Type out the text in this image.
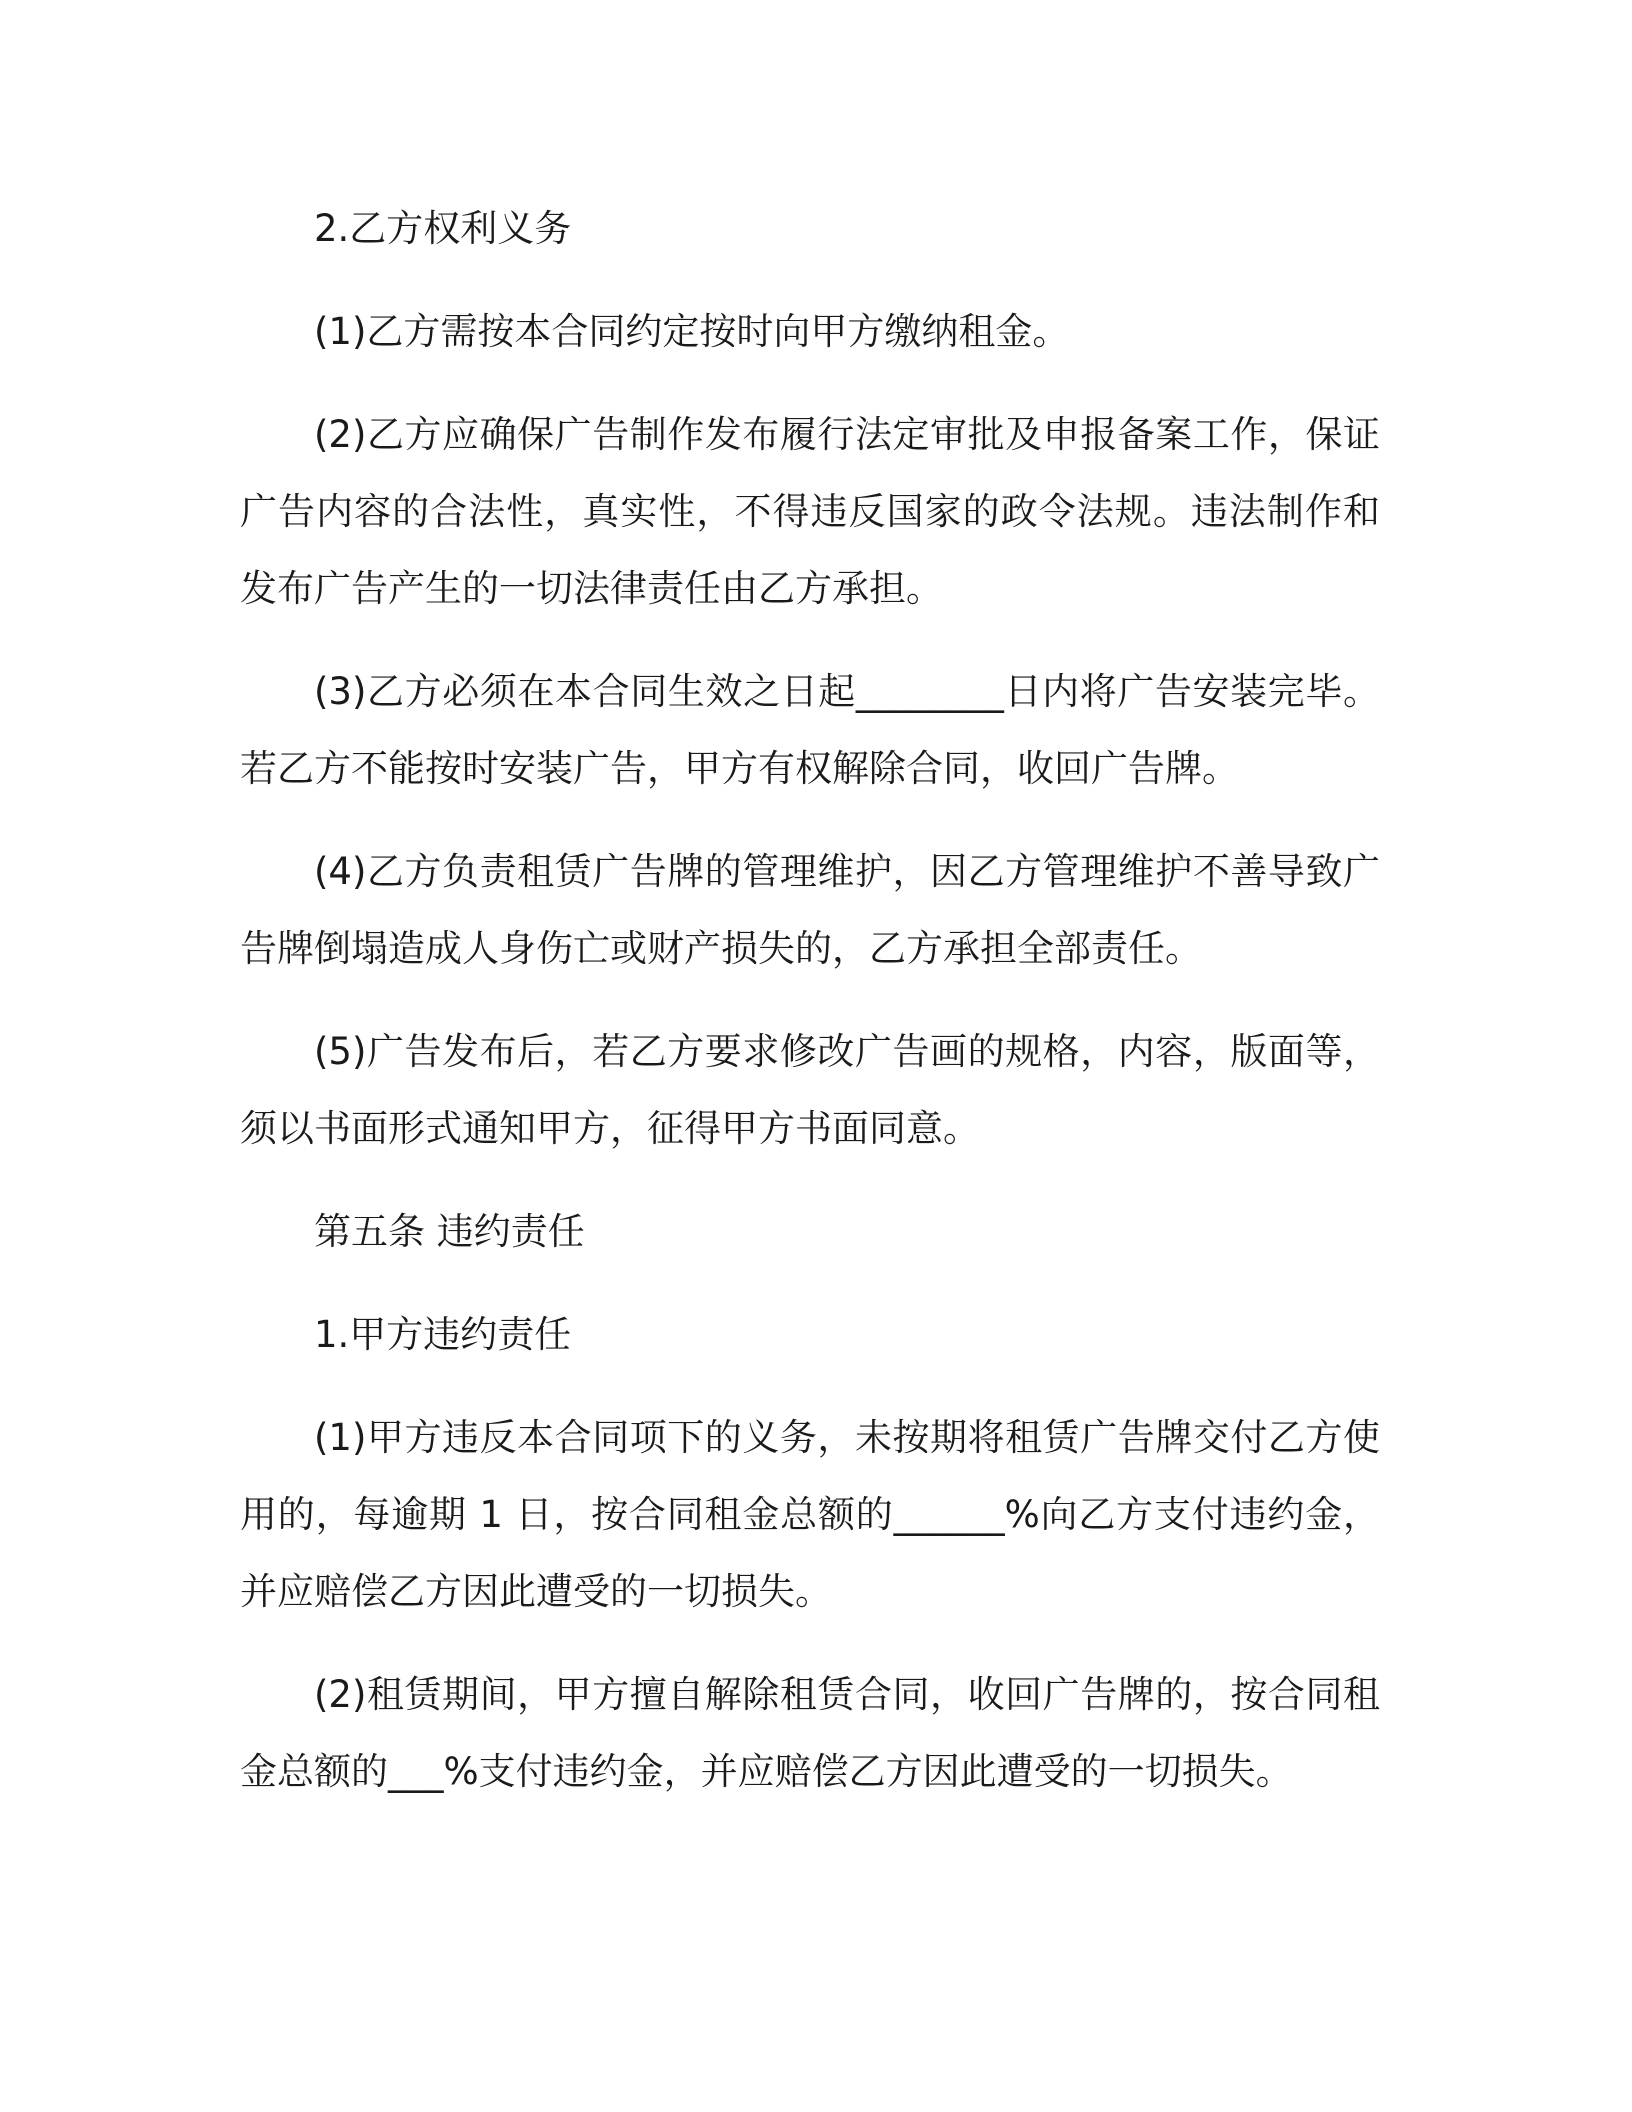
2.乙方权利义务

(1)乙方需按本合同约定按时向甲方缴纳租金。

(2)乙方应确保广告制作发布履行法定审批及申报备案工作，保证广告内容的合法性，真实性，不得违反国家的政令法规。违法制作和发布广告产生的一切法律责任由乙方承担。

(3)乙方必须在本合同生效之日起________日内将广告安装完毕。若乙方不能按时安装广告，甲方有权解除合同，收回广告牌。

(4)乙方负责租赁广告牌的管理维护，因乙方管理维护不善导致广告牌倒塌造成人身伤亡或财产损失的，乙方承担全部责任。

(5)广告发布后，若乙方要求修改广告画的规格，内容，版面等，须以书面形式通知甲方，征得甲方书面同意。

第五条 违约责任

1.甲方违约责任

(1)甲方违反本合同项下的义务，未按期将租赁广告牌交付乙方使用的，每逾期 1 日，按合同租金总额的______%向乙方支付违约金，并应赔偿乙方因此遭受的一切损失。

(2)租赁期间，甲方擅自解除租赁合同，收回广告牌的，按合同租金总额的___%支付违约金，并应赔偿乙方因此遭受的一切损失。
